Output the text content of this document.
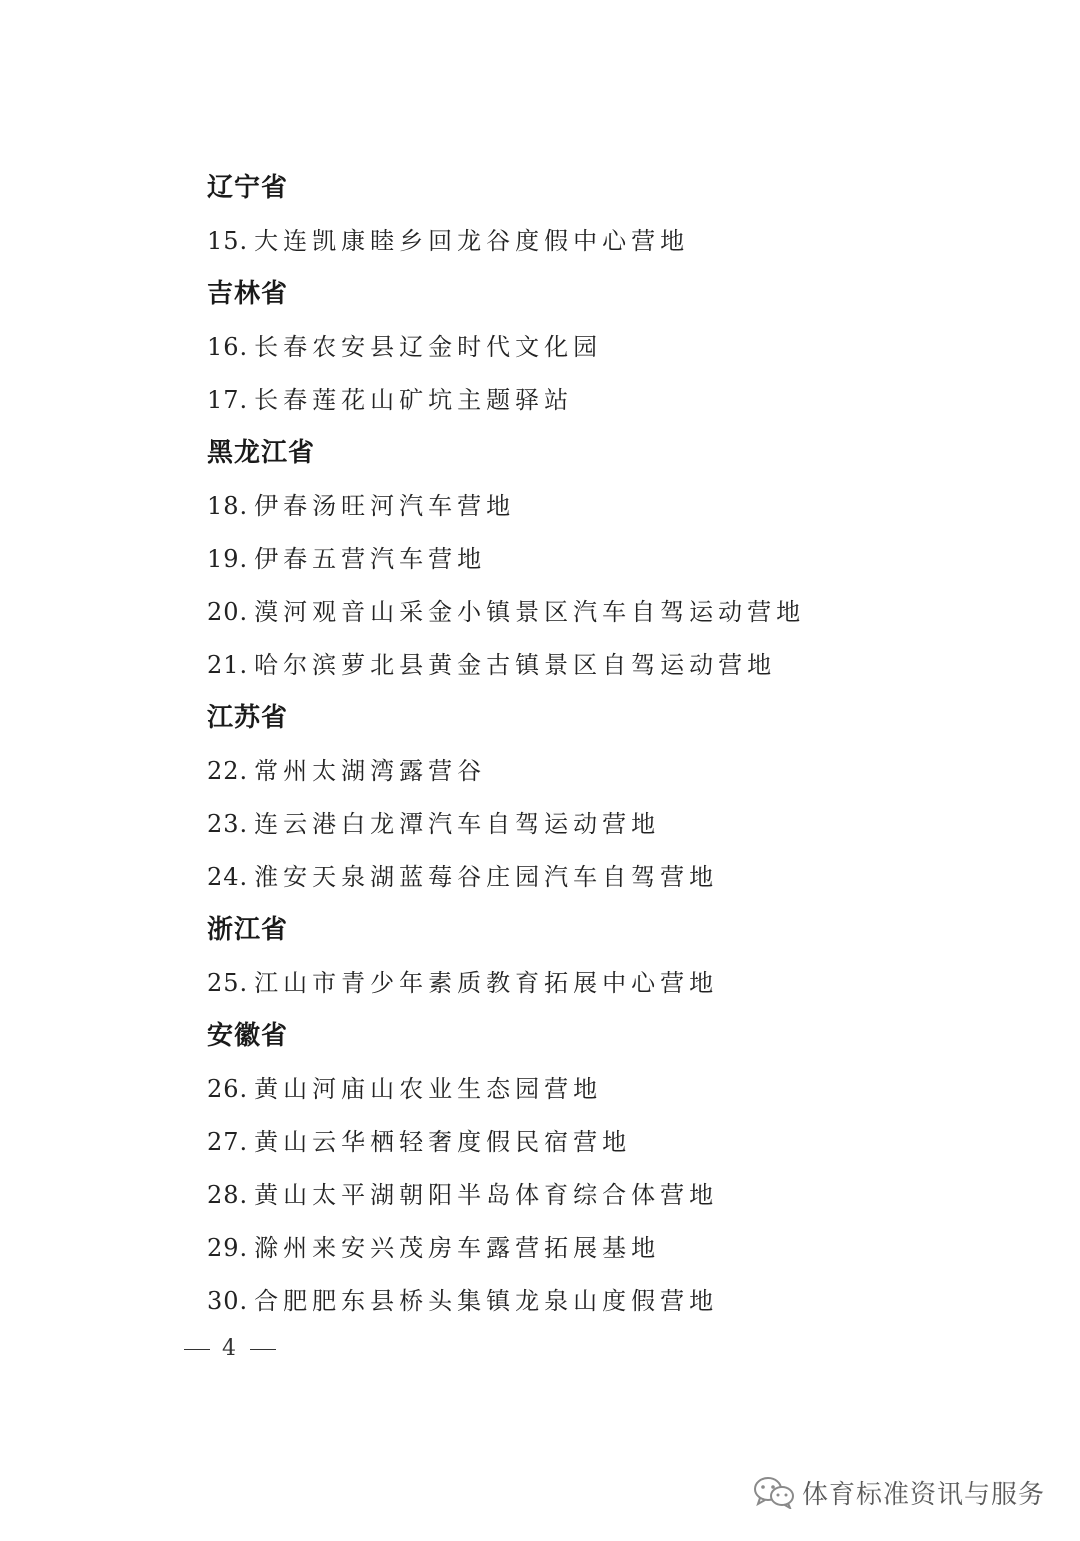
辽宁省
15. 大连凯康睦乡回龙谷度假中心营地
吉林省
16. 长春农安县辽金时代文化园
17. 长春莲花山矿坑主题驿站
黑龙江省
18. 伊春汤旺河汽车营地
19. 伊春五营汽车营地
20. 漠河观音山采金小镇景区汽车自驾运动营地
21. 哈尔滨萝北县黄金古镇景区自驾运动营地
江苏省
22. 常州太湖湾露营谷
23. 连云港白龙潭汽车自驾运动营地
24. 淮安天泉湖蓝莓谷庄园汽车自驾营地
浙江省
25. 江山市青少年素质教育拓展中心营地
安徽省
26. 黄山河庙山农业生态园营地
27. 黄山云华栖轻奢度假民宿营地
28. 黄山太平湖朝阳半岛体育综合体营地
29. 滁州来安兴茂房车露营拓展基地
30. 合肥肥东县桥头集镇龙泉山度假营地
4
体育标准资讯与服务
